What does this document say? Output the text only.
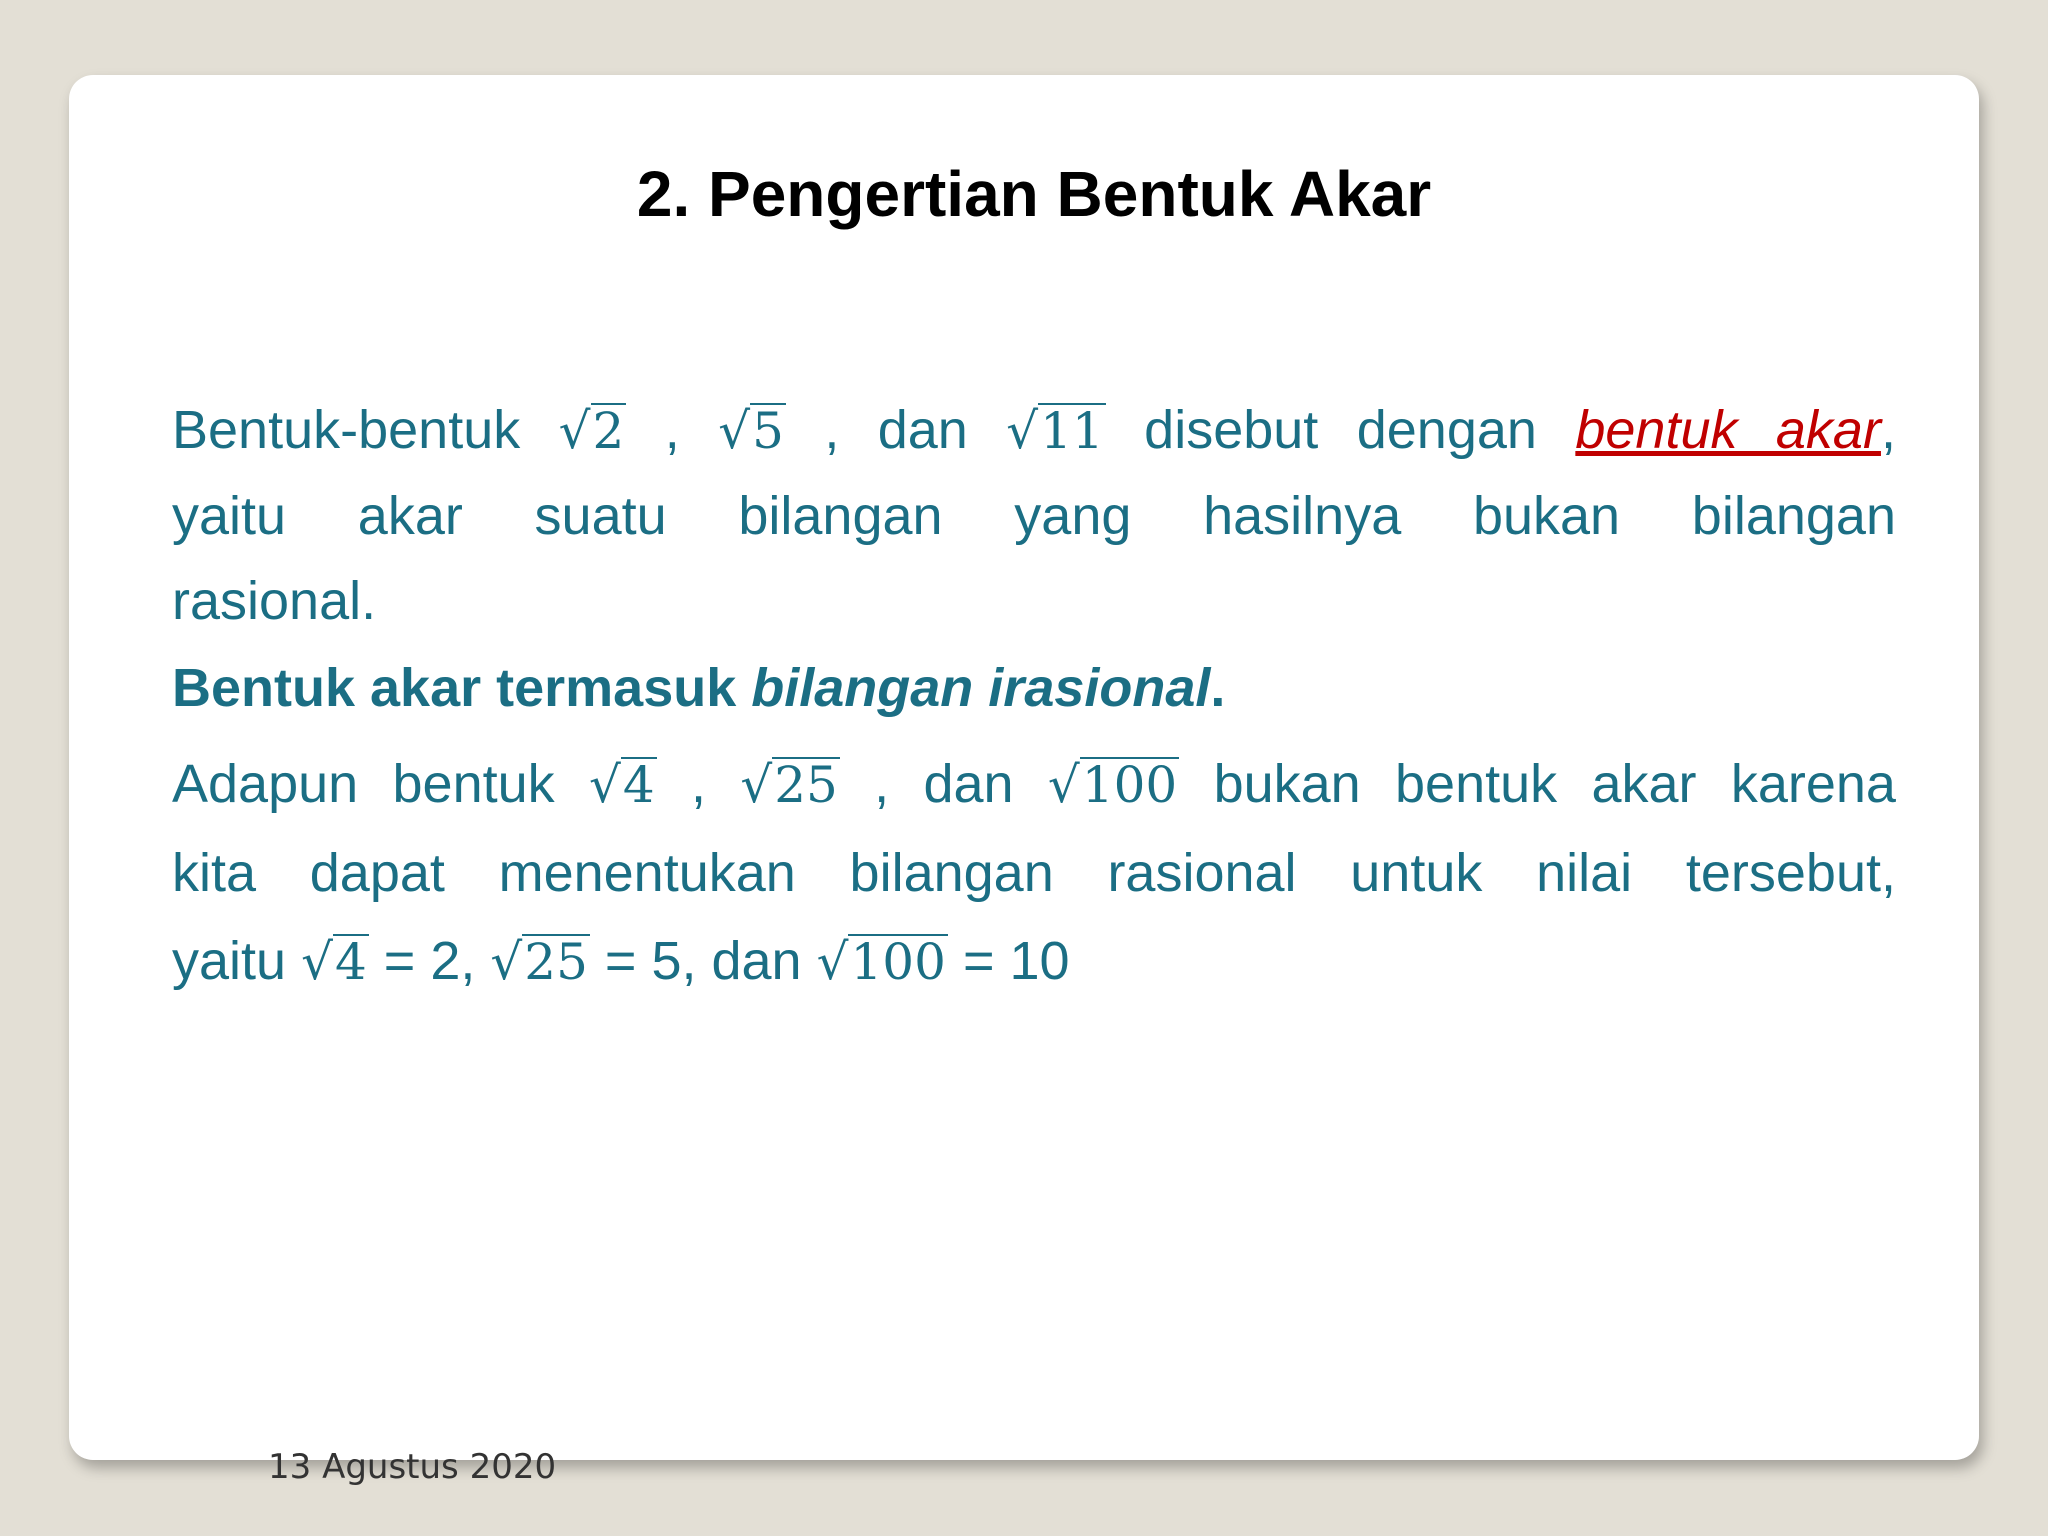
2. Pengertian Bentuk Akar
Bentuk-bentuk √2 , √5 , dan √11 disebut dengan bentuk akar,
yaitu akar suatu bilangan yang hasilnya bukan bilangan
rasional.
Bentuk akar termasuk bilangan irasional.
Adapun bentuk √4 , √25 , dan √100 bukan bentuk akar karena
kita dapat menentukan bilangan rasional untuk nilai tersebut,
yaitu √4 = 2, √25 = 5, dan √100 = 10
13 Agustus 2020
